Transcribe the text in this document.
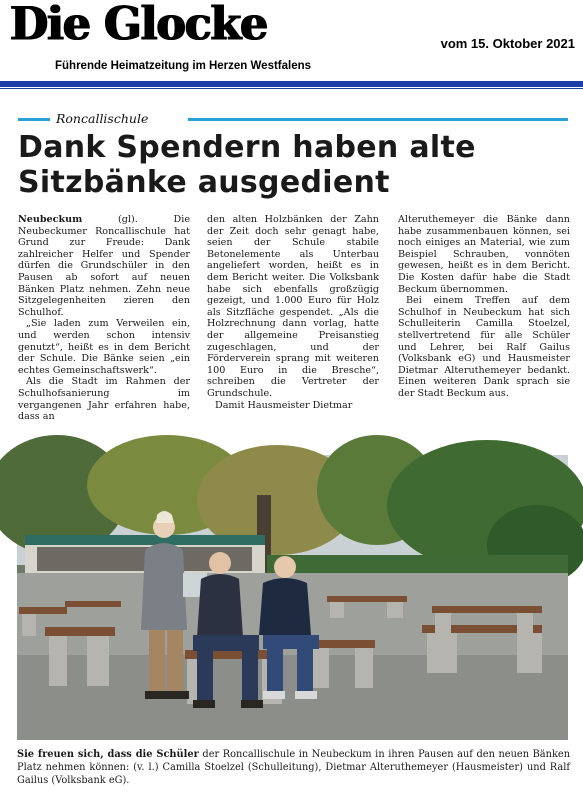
Die Glocke
Führende Heimatzeitung im Herzen Westfalens
vom 15. Oktober 2021
Roncallischule
Dank Spendern haben alte Sitzbänke ausgedient

Neubeckum (gl). Die Neubeckumer Roncallischule hat Grund zur Freude: Dank zahlreicher Helfer und Spender dürfen die Grundschüler in den Pausen ab sofort auf neuen Bänken Platz nehmen. Zehn neue Sitzgelegenheiten zieren den Schulhof.

„Sie laden zum Verweilen ein, und werden schon intensiv genutzt“, heißt es in dem Bericht der Schule. Die Bänke seien „ein echtes Gemeinschaftswerk“.

Als die Stadt im Rahmen der Schulhofsanierung im vergangenen Jahr erfahren habe, dass an

den alten Holzbänken der Zahn der Zeit doch sehr genagt habe, seien der Schule stabile Betonelemente als Unterbau angeliefert worden, heißt es in dem Bericht weiter. Die Volksbank habe sich ebenfalls großzügig gezeigt, und 1.000 Euro für Holz als Sitzfläche gespendet. „Als die Holzrechnung dann vorlag, hatte der allgemeine Preisanstieg zugeschlagen, und der Förderverein sprang mit weiteren 100 Euro in die Bresche“, schreiben die Vertreter der Grundschule.

Damit Hausmeister Dietmar

Alteruthemeyer die Bänke dann habe zusammenbauen können, sei noch einiges an Material, wie zum Beispiel Schrauben, vonnöten gewesen, heißt es in dem Bericht. Die Kosten dafür habe die Stadt Beckum übernommen.

Bei einem Treffen auf dem Schulhof in Neubeckum hat sich Schulleiterin Camilla Stoelzel, stellvertretend für alle Schüler und Lehrer, bei Ralf Gailus (Volksbank eG) und Hausmeister Dietmar Alteruthemeyer bedankt. Einen weiteren Dank sprach sie der Stadt Beckum aus.

Sie freuen sich, dass die Schüler der Roncallischule in Neubeckum in ihren Pausen auf den neuen Bänken Platz nehmen können: (v. l.) Camilla Stoelzel (Schulleitung), Dietmar Alteruthemeyer (Hausmeister) und Ralf Gailus (Volksbank eG).
